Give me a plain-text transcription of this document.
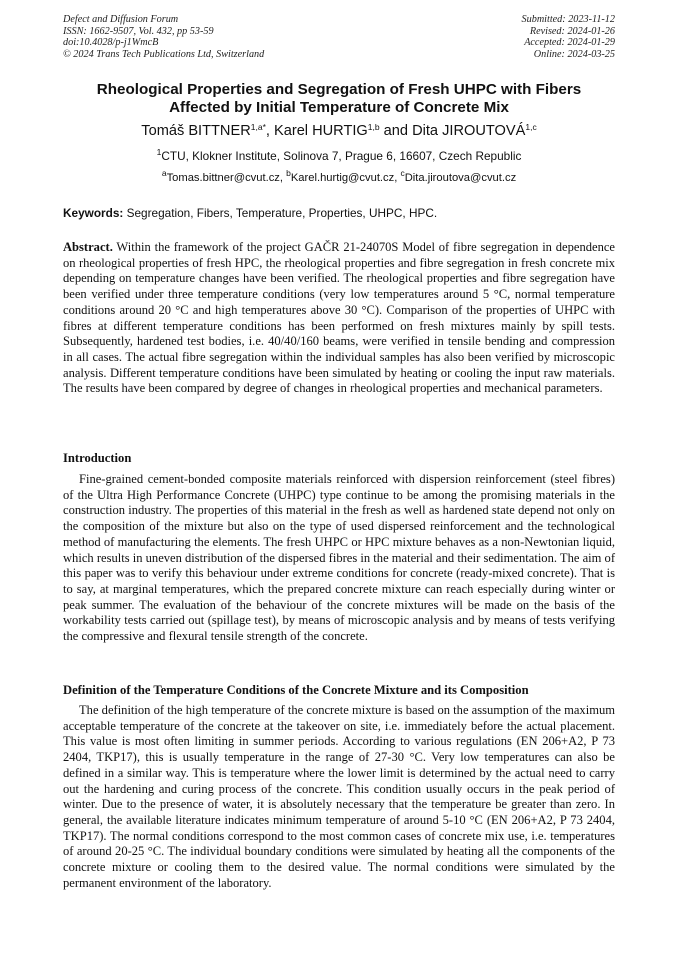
Defect and Diffusion Forum
ISSN: 1662-9507, Vol. 432, pp 53-59
doi:10.4028/p-j1WmcB
© 2024 Trans Tech Publications Ltd, Switzerland
Submitted: 2023-11-12
Revised: 2024-01-26
Accepted: 2024-01-29
Online: 2024-03-25
Rheological Properties and Segregation of Fresh UHPC with Fibers
Affected by Initial Temperature of Concrete Mix
Tomáš $BITTNER^{1,a*}$, Karel HURTIG$^{1,b}$ and Dita JIROUTOVÁ$^{1,c}$
$^1$CTU, Klokner Institute, Solinova 7, Prague 6, 16607, Czech Republic
$^a$Tomas.bittner@cvut.cz, $^b$Karel.hurtig@cvut.cz, $^c$Dita.jiroutova@cvut.cz
Keywords: Segregation, Fibers, Temperature, Properties, UHPC, HPC.
Abstract. Within the framework of the project GAČR 21-24070S Model of fibre segregation in dependence on rheological properties of fresh HPC, the rheological properties and fibre segregation in fresh concrete mix depending on temperature changes have been verified. The rheological properties and fibre segregation have been verified under three temperature conditions (very low temperatures around 5 °C, normal temperature conditions around 20 °C and high temperatures above 30 °C). Comparison of the properties of UHPC with fibres at different temperature conditions has been performed on fresh mixtures mainly by spill tests. Subsequently, hardened test bodies, i.e. 40/40/160 beams, were verified in tensile bending and compression in all cases. The actual fibre segregation within the individual samples has also been verified by microscopic analysis. Different temperature conditions have been simulated by heating or cooling the input raw materials. The results have been compared by degree of changes in rheological properties and mechanical parameters.
Introduction
Fine-grained cement-bonded composite materials reinforced with dispersion reinforcement (steel fibres) of the Ultra High Performance Concrete (UHPC) type continue to be among the promising materials in the construction industry. The properties of this material in the fresh as well as hardened state depend not only on the composition of the mixture but also on the type of used dispersed reinforcement and the technological method of manufacturing the elements. The fresh UHPC or HPC mixture behaves as a non-Newtonian liquid, which results in uneven distribution of the dispersed fibres in the material and their sedimentation. The aim of this paper was to verify this behaviour under extreme conditions for concrete (ready-mixed concrete). That is to say, at marginal temperatures, which the prepared concrete mixture can reach especially during winter or peak summer. The evaluation of the behaviour of the concrete mixtures will be made on the basis of the workability tests carried out (spillage test), by means of microscopic analysis and by means of tests verifying the compressive and flexural tensile strength of the concrete.
Definition of the Temperature Conditions of the Concrete Mixture and its Composition
The definition of the high temperature of the concrete mixture is based on the assumption of the maximum acceptable temperature of the concrete at the takeover on site, i.e. immediately before the actual placement. This value is most often limiting in summer periods. According to various regulations (EN 206+A2, P 73 2404, TKP17), this is usually temperature in the range of 27-30 °C. Very low temperatures can also be defined in a similar way. This is temperature where the lower limit is determined by the actual need to carry out the hardening and curing process of the concrete. This condition usually occurs in the peak period of winter. Due to the presence of water, it is absolutely necessary that the temperature be greater than zero. In general, the available literature indicates minimum temperature of around 5-10 °C (EN 206+A2, P 73 2404, TKP17). The normal conditions correspond to the most common cases of concrete mix use, i.e. temperatures of around 20-25 °C. The individual boundary conditions were simulated by heating all the components of the concrete mixture or cooling them to the desired value. The normal conditions were simulated by the permanent environment of the laboratory.
